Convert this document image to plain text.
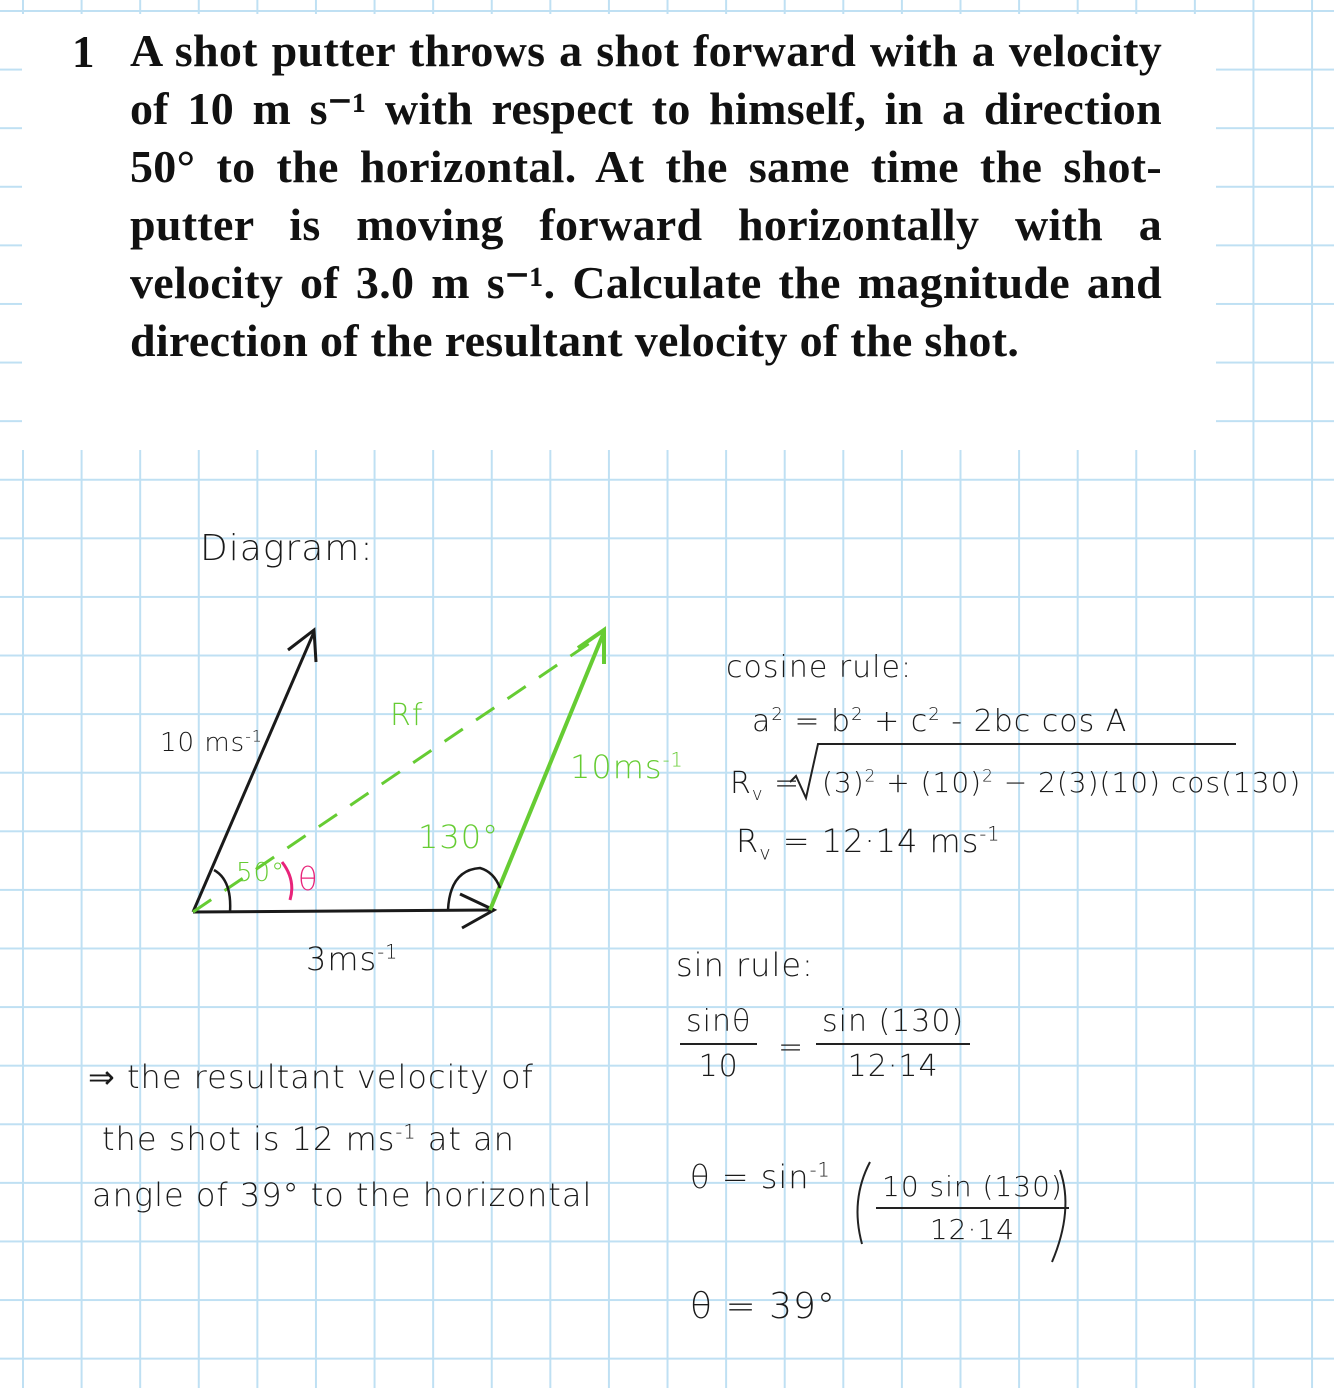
1 A shot putter throws a shot forward with a velocity of 10 m s⁻¹ with respect to himself, in a direction 50° to the horizontal. At the same time the shot-putter is moving forward horizontally with a velocity of 3.0 m s⁻¹. Calculate the magnitude and direction of the resultant velocity of the shot.
Diagram:
10 $ms^{-1}$
Rf
$10ms^{-1}$
130°
50° θ
$3ms^{-1}$
cosine rule:
$a^2 = b^2 + c^2 - 2bc$ cos A
$R_v = (3)^2 + (10)^2 - 2(3)(10)$ cos(130)
$R_v = 12\cdot 14$ $ms^{-1}$
sin rule:
$\frac{\sin\theta}{10} = \frac{\sin (130)}{12\cdot 14}$
$\theta = \sin^{-1}$
$\frac{10 \sin (130)}{12\cdot 14}$
θ = 39°
⇒ the resultant velocity of
the shot is 12 $ms^{-1}$ at an
angle of 39° to the horizontal
